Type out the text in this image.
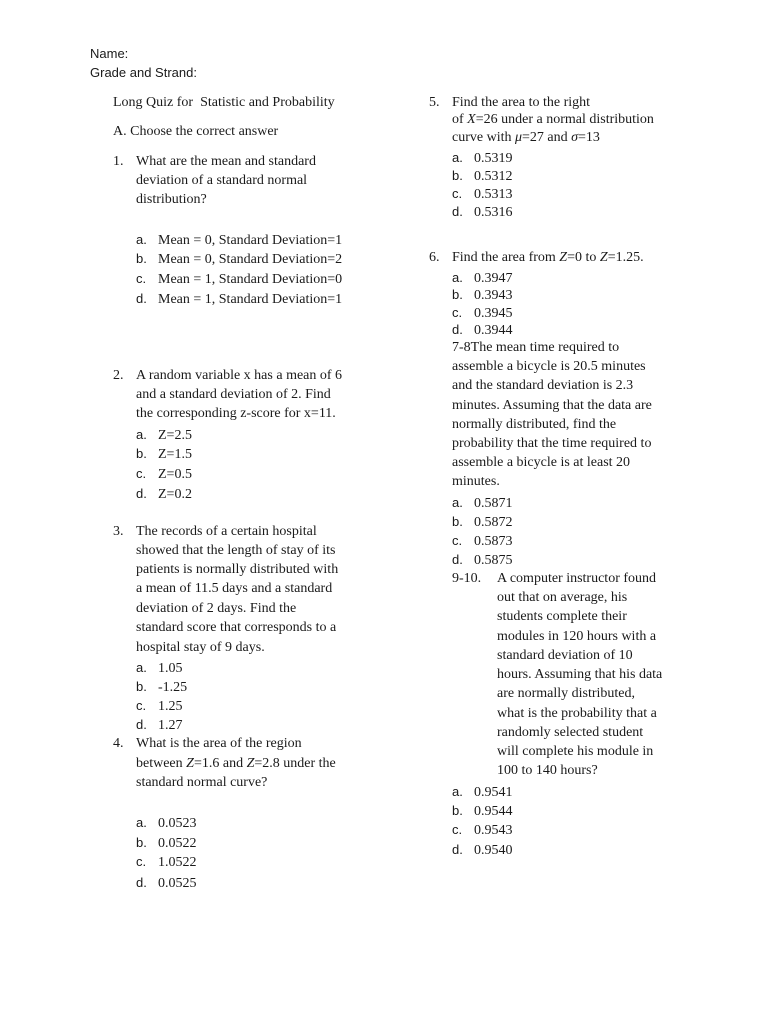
Name:
Grade and Strand:
Long Quiz for  Statistic and Probability
A. Choose the correct answer
1. What are the mean and standard
deviation of a standard normal
distribution?
a. Mean = 0, Standard Deviation=1
b. Mean = 0, Standard Deviation=2
c. Mean = 1, Standard Deviation=0
d. Mean = 1, Standard Deviation=1
2. A random variable x has a mean of 6
and a standard deviation of 2. Find
the corresponding z-score for x=11.
a. Z=2.5
b. Z=1.5
c. Z=0.5
d. Z=0.2
3. The records of a certain hospital
showed that the length of stay of its
patients is normally distributed with
a mean of 11.5 days and a standard
deviation of 2 days. Find the
standard score that corresponds to a
hospital stay of 9 days.
a. 1.05
b. -1.25
c. 1.25
d. 1.27
4. What is the area of the region
between Z=1.6 and Z=2.8 under the
standard normal curve?
a. 0.0523
b. 0.0522
c. 1.0522
d. 0.0525
5. Find the area to the right
of X=26 under a normal distribution
curve with μ=27 and σ=13
a. 0.5319
b. 0.5312
c. 0.5313
d. 0.5316
6. Find the area from Z=0 to Z=1.25.
a. 0.3947
b. 0.3943
c. 0.3945
d. 0.3944
7-8The mean time required to
assemble a bicycle is 20.5 minutes
and the standard deviation is 2.3
minutes. Assuming that the data are
normally distributed, find the
probability that the time required to
assemble a bicycle is at least 20
minutes.
a. 0.5871
b. 0.5872
c. 0.5873
d. 0.5875
9-10. A computer instructor found
out that on average, his
students complete their
modules in 120 hours with a
standard deviation of 10
hours. Assuming that his data
are normally distributed,
what is the probability that a
randomly selected student
will complete his module in
100 to 140 hours?
a. 0.9541
b. 0.9544
c. 0.9543
d. 0.9540
